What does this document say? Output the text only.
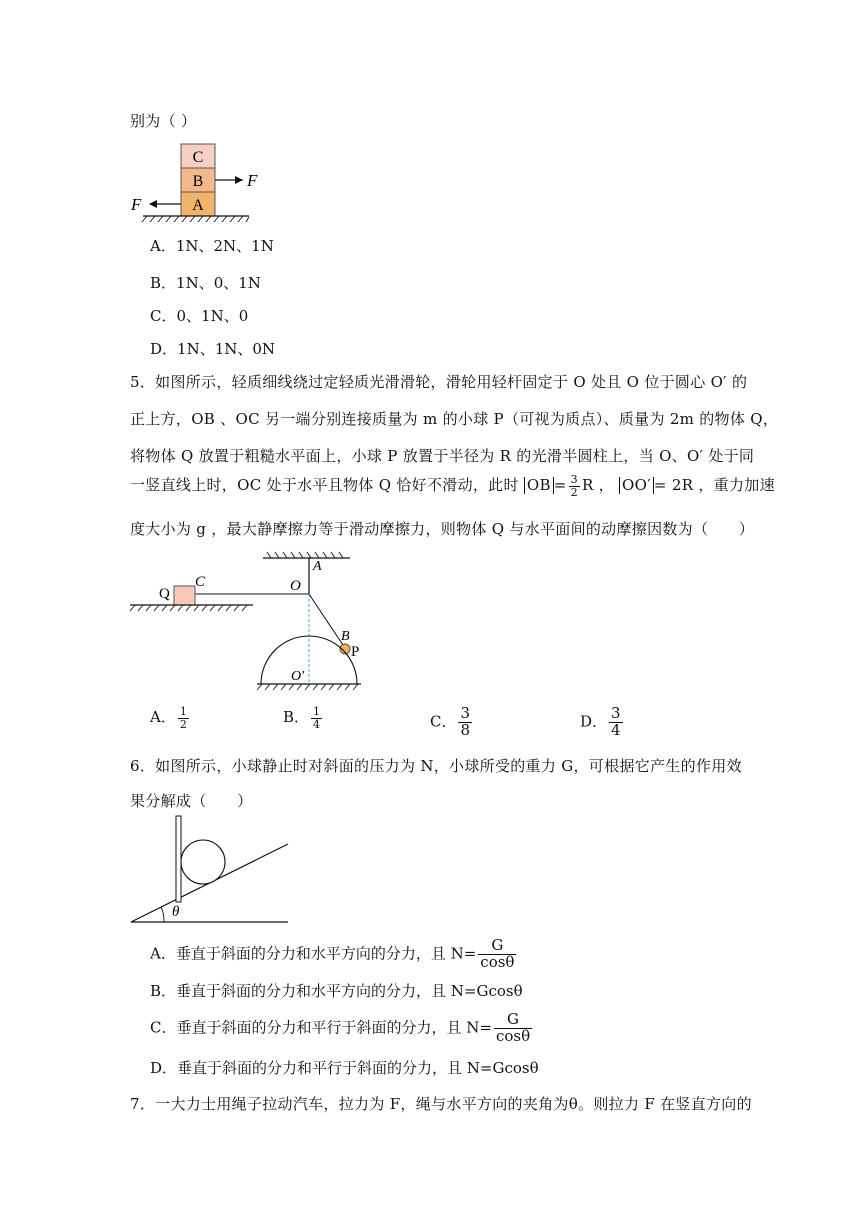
别为（ ）
C
B
A
F
F
A．1N、2N、1N
B．1N、0、1N
C．0、1N、0
D．1N、1N、0N
5．如图所示，轻质细线绕过定轻质光滑滑轮，滑轮用轻杆固定于 O 处且 O 位于圆心 O′ 的
正上方，OB 、OC 另一端分别连接质量为 m 的小球 P（可视为质点）、质量为 2m 的物体 Q，
将物体 Q 放置于粗糙水平面上，小球 P 放置于半径为 R 的光滑半圆柱上，当 O、O′ 处于同
一竖直线上时，OC 处于水平且物体 Q 恰好不滑动，此时 OB = $\frac{3}{2}$ R ， OO′ = 2R ，重力加速
度大小为 g ，最大静摩擦力等于滑动摩擦力，则物体 Q 与水平面间的动摩擦因数为（　　）
A
O
Q
C
B
P
O′
A． $\frac{1}{2}$	B． $\frac{1}{4}$	C． $\frac{3}{8}$	D． $\frac{3}{4}$
6．如图所示，小球静止时对斜面的压力为 N，小球所受的重力 G，可根据它产生的作用效
果分解成（　　）
θ
A．垂直于斜面的分力和水平方向的分力，且 $N= \frac{G}{\cos\theta}$
B．垂直于斜面的分力和水平方向的分力，且 N=Gcosθ
C．垂直于斜面的分力和平行于斜面的分力，且 $N= \frac{G}{\cos\theta}$
D．垂直于斜面的分力和平行于斜面的分力，且 N=Gcosθ
7．一大力士用绳子拉动汽车，拉力为 F，绳与水平方向的夹角为θ。则拉力 F 在竖直方向的
